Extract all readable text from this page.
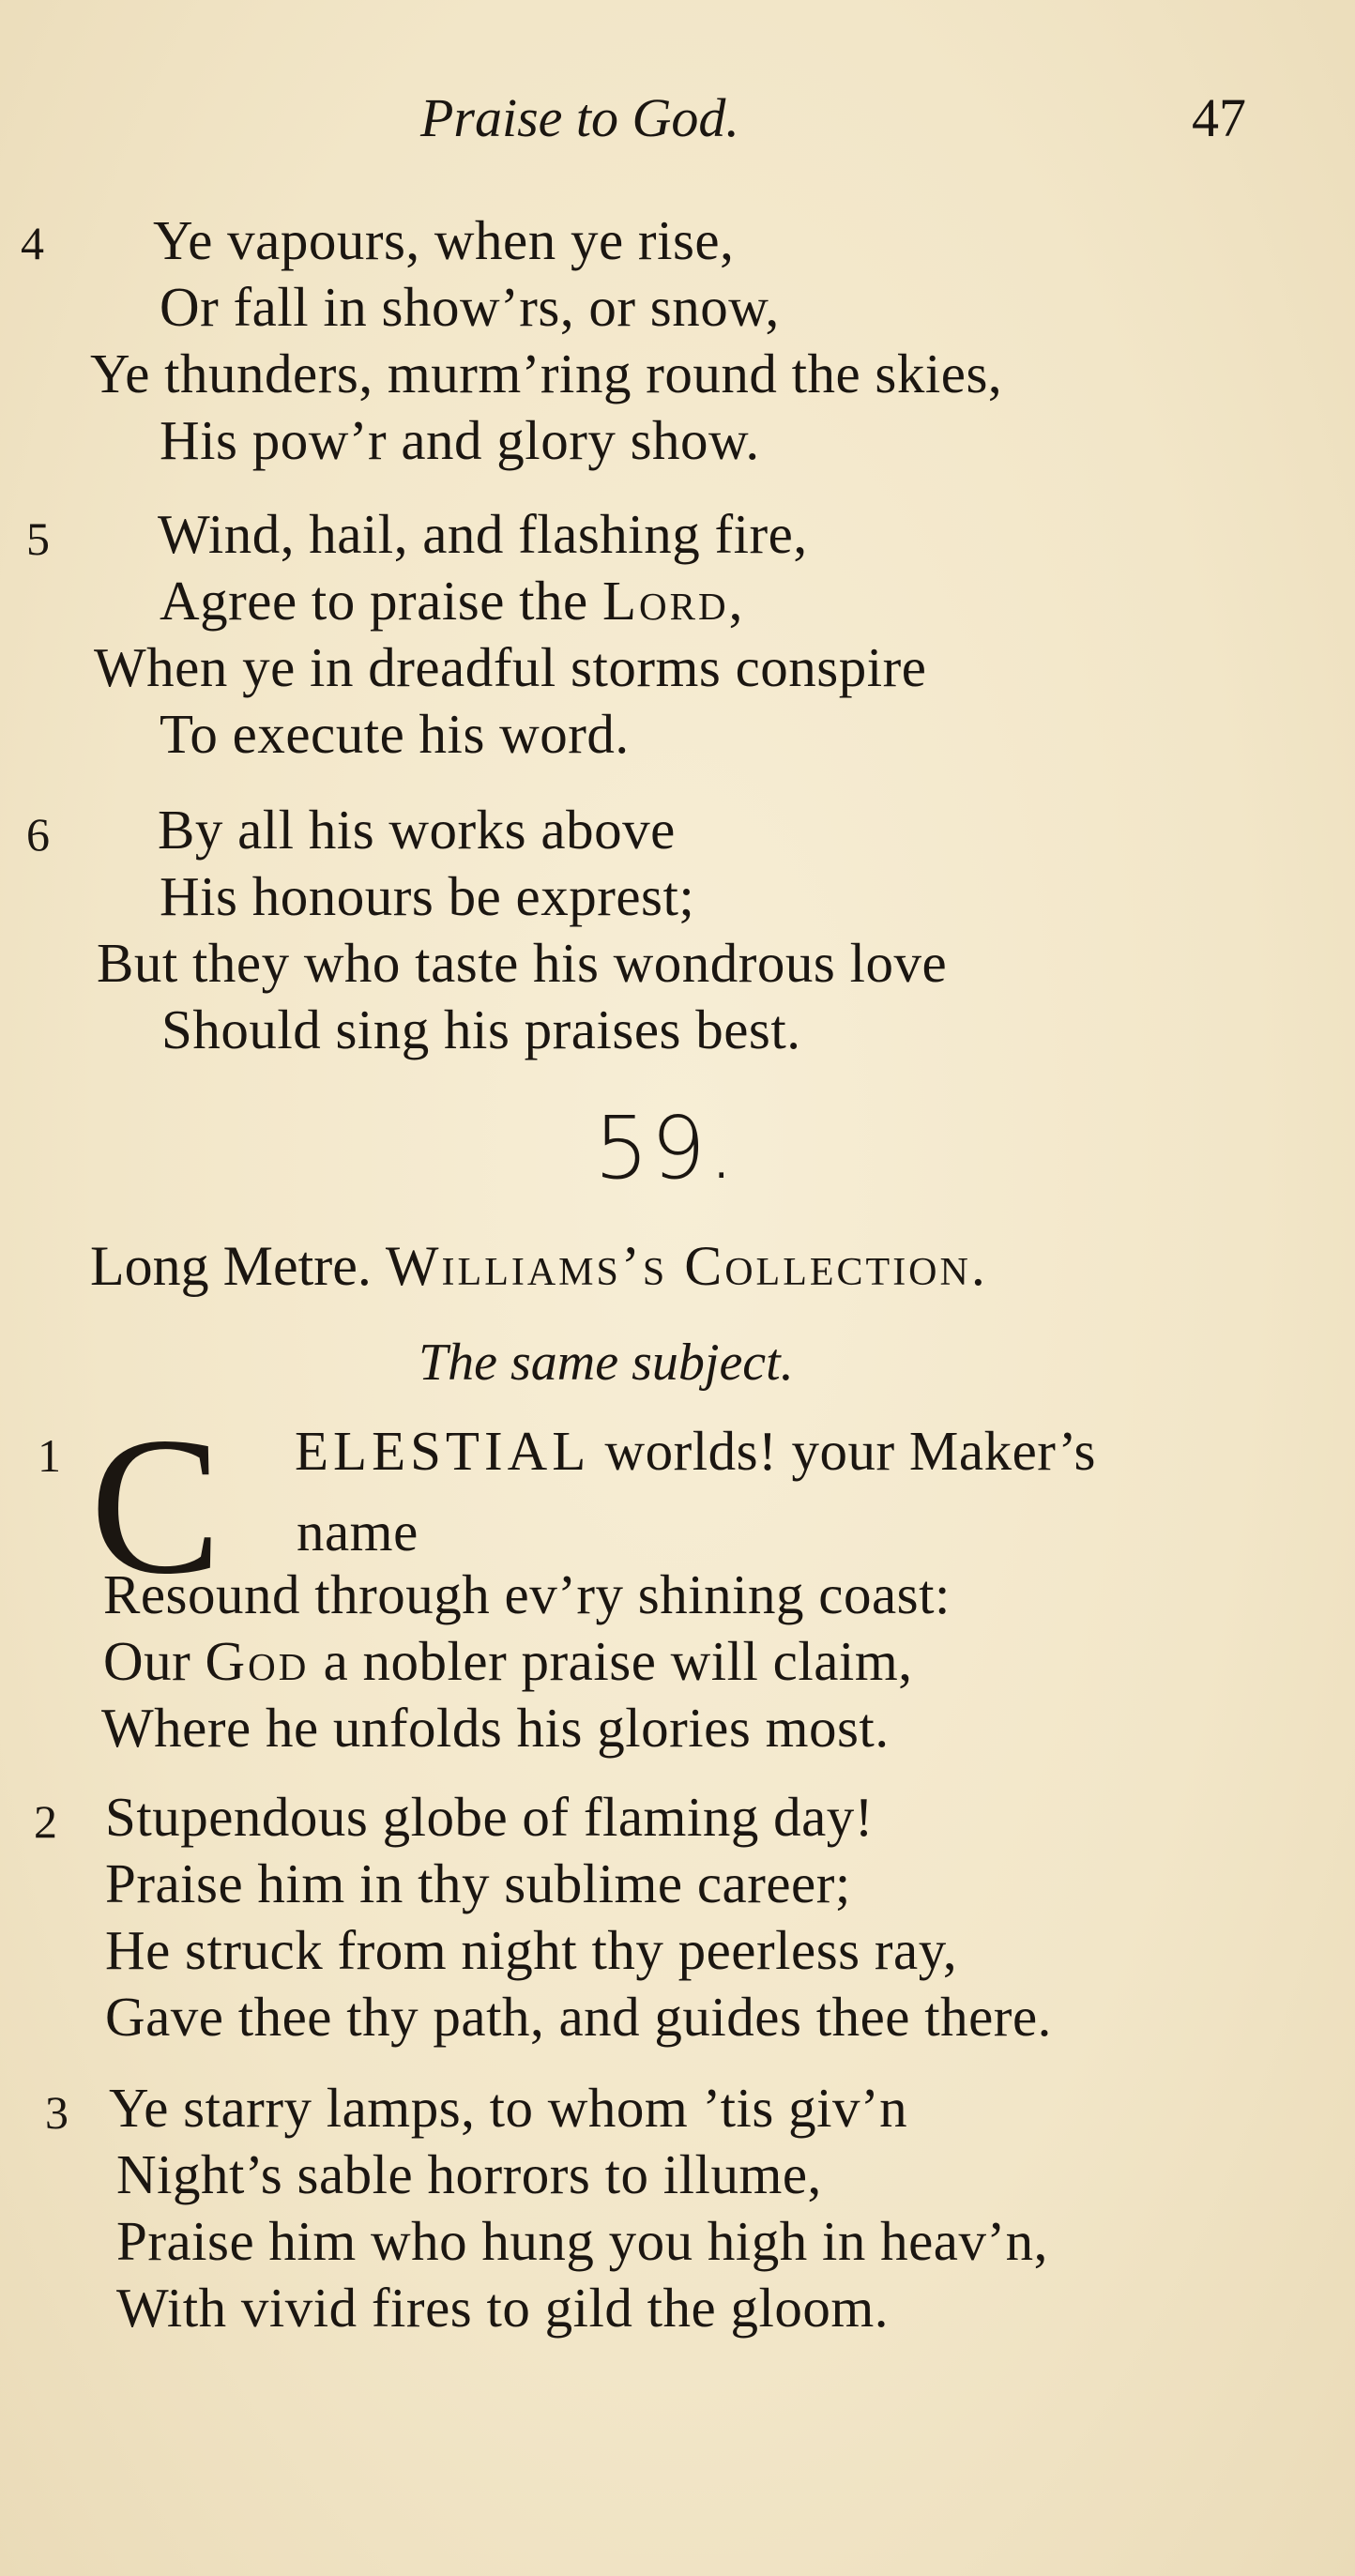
Praise to God.	47
4 Ye vapours, when ye rise,
Or fall in show’rs, or snow,
Ye thunders, murm’ring round the skies,
His pow’r and glory show.
5 Wind, hail, and flashing fire,
Agree to praise the Lord,
When ye in dreadful storms conspire
To execute his word.
6 By all his works above
His honours be exprest;
But they who taste his wondrous love
Should sing his praises best.
59.
Long Metre. Williams’s Collection.
The same subject.
1 C ELESTIAL worlds! your Maker’s
name
Resound through ev’ry shining coast:
Our God a nobler praise will claim,
Where he unfolds his glories most.
2 Stupendous globe of flaming day!
Praise him in thy sublime career;
He struck from night thy peerless ray,
Gave thee thy path, and guides thee there.
3 Ye starry lamps, to whom ’tis giv’n
Night’s sable horrors to illume,
Praise him who hung you high in heav’n,
With vivid fires to gild the gloom.
